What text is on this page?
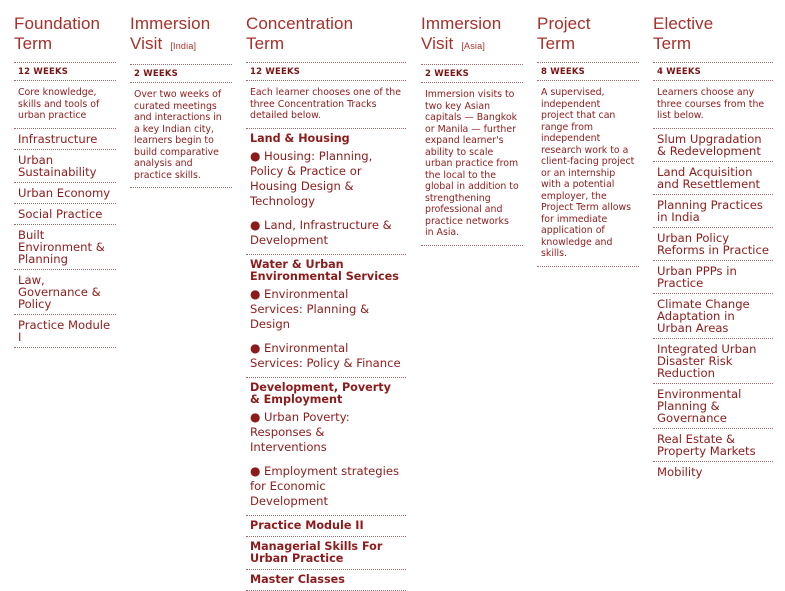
Foundation
Term
12 WEEKS
Core knowledge, skills and tools of urban practice
Infrastructure
Urban Sustainability
Urban Economy
Social Practice
Built Environment & Planning
Law, Governance & Policy
Practice Module I
Immersion
Visit [India]
2 WEEKS
Over two weeks of curated meetings and interactions in a key Indian city, learners begin to build comparative analysis and practice skills.
Concentration
Term
12 WEEKS
Each learner chooses one of the three Concentration Tracks detailed below.
Land & Housing
● Housing: Planning, Policy & Practice or Housing Design & Technology
● Land, Infrastructure & Development
Water & Urban Environmental Services
● Environmental Services: Planning & Design
● Environmental Services: Policy & Finance
Development, Poverty & Employment
● Urban Poverty: Responses & Interventions
● Employment strategies for Economic Development
Practice Module II
Managerial Skills For Urban Practice
Master Classes
Immersion
Visit [Asia]
2 WEEKS
Immersion visits to two key Asian capitals — Bangkok or Manila — further expand learner's ability to scale urban practice from the local to the global in addition to strengthening professional and practice networks in Asia.
Project
Term
8 WEEKS
A supervised, independent project that can range from independent research work to a client-facing project or an internship with a potential employer, the Project Term allows for immediate application of knowledge and skills.
Elective
Term
4 WEEKS
Learners choose any three courses from the list below.
Slum Upgradation & Redevelopment
Land Acquisition and Resettlement
Planning Practices in India
Urban Policy Reforms in Practice
Urban PPPs in Practice
Climate Change Adaptation in Urban Areas
Integrated Urban Disaster Risk Reduction
Environmental Planning & Governance
Real Estate & Property Markets
Mobility
